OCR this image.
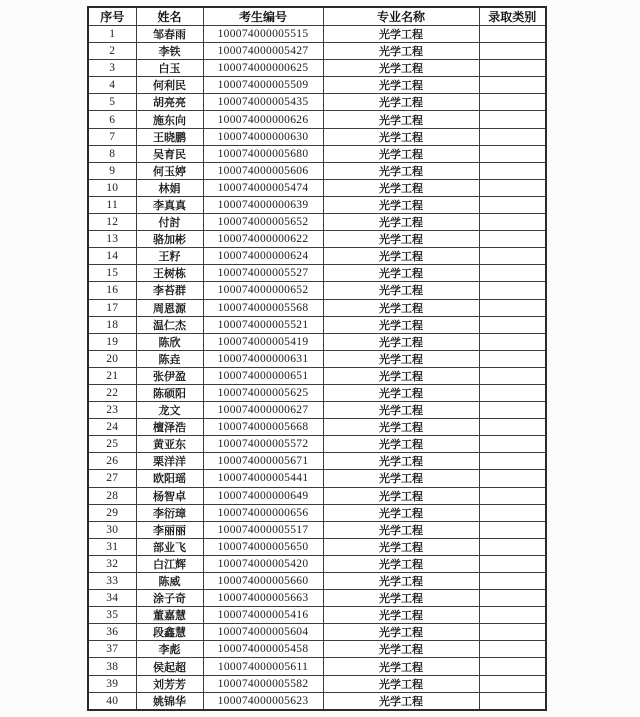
序号	姓名	考生编号	专业名称	录取类别
1	邹春雨	100074000005515	光学工程	
2	李铁	100074000005427	光学工程	
3	白玉	100074000000625	光学工程	
4	何利民	100074000005509	光学工程	
5	胡亮亮	100074000005435	光学工程	
6	施东向	100074000000626	光学工程	
7	王晓鹏	100074000000630	光学工程	
8	吴育民	100074000005680	光学工程	
9	何玉婷	100074000005606	光学工程	
10	林娟	100074000005474	光学工程	
11	李真真	100074000000639	光学工程	
12	付討	100074000005652	光学工程	
13	骆加彬	100074000000622	光学工程	
14	王籽	100074000000624	光学工程	
15	王树栋	100074000005527	光学工程	
16	李苔群	100074000000652	光学工程	
17	周恩源	100074000005568	光学工程	
18	温仁杰	100074000005521	光学工程	
19	陈欣	100074000005419	光学工程	
20	陈垚	100074000000631	光学工程	
21	张伊盈	100074000000651	光学工程	
22	陈硕阳	100074000005625	光学工程	
23	龙文	100074000000627	光学工程	
24	檀泽浩	100074000005668	光学工程	
25	黄亚东	100074000005572	光学工程	
26	栗洋洋	100074000005671	光学工程	
27	欧阳瑶	100074000005441	光学工程	
28	杨智卓	100074000000649	光学工程	
29	李衍璋	100074000000656	光学工程	
30	李丽丽	100074000005517	光学工程	
31	部业飞	100074000005650	光学工程	
32	白江辉	100074000005420	光学工程	
33	陈威	100074000005660	光学工程	
34	涂子奇	100074000005663	光学工程	
35	董嘉慧	100074000005416	光学工程	
36	段鑫慧	100074000005604	光学工程	
37	李彪	100074000005458	光学工程	
38	侯起超	100074000005611	光学工程	
39	刘芳芳	100074000005582	光学工程	
40	姚锦华	100074000005623	光学工程	
